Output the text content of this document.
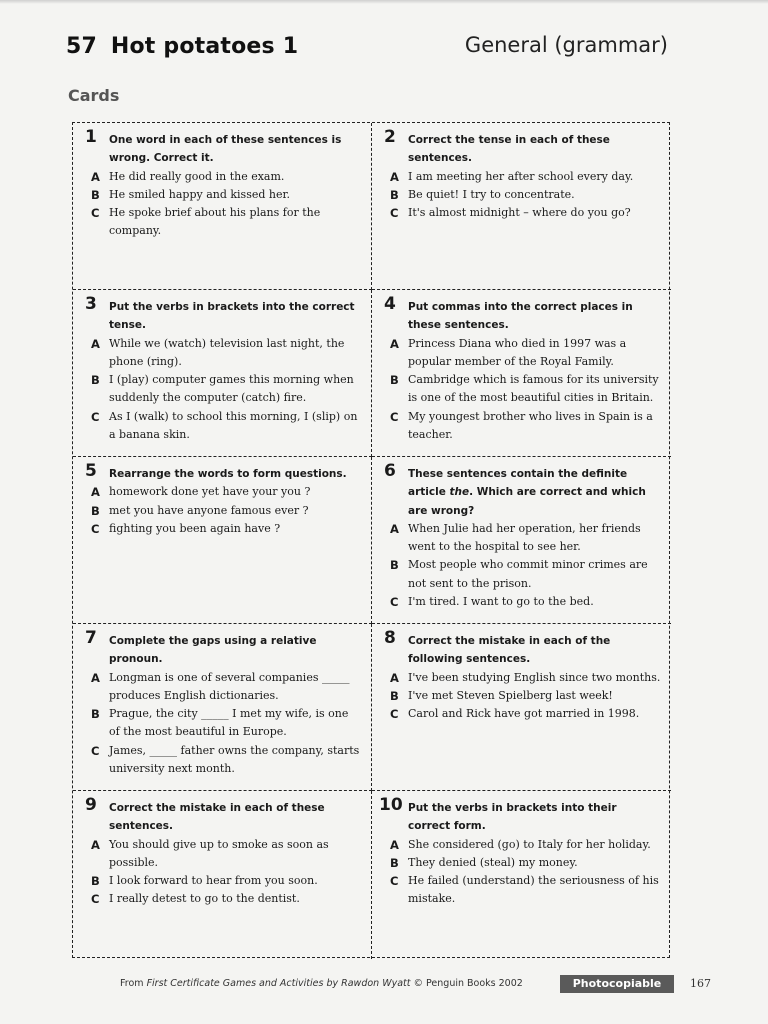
57 Hot potatoes 1	General (grammar)
Cards
1 One word in each of these sentences is wrong. Correct it.

A He did really good in the exam.

B He smiled happy and kissed her.

C He spoke brief about his plans for the company.

2 Correct the tense in each of these sentences.

A I am meeting her after school every day.

B Be quiet! I try to concentrate.

C It's almost midnight – where do you go?

3 Put the verbs in brackets into the correct tense.

A While we (watch) television last night, the phone (ring).

B I (play) computer games this morning when suddenly the computer (catch) fire.

C As I (walk) to school this morning, I (slip) on a banana skin.

4 Put commas into the correct places in these sentences.

A Princess Diana who died in 1997 was a popular member of the Royal Family.

B Cambridge which is famous for its university is one of the most beautiful cities in Britain.

C My youngest brother who lives in Spain is a teacher.

5 Rearrange the words to form questions.

A homework done yet have your you ?

B met you have anyone famous ever ?

C fighting you been again have ?

6 These sentences contain the definite article the. Which are correct and which are wrong?

A When Julie had her operation, her friends went to the hospital to see her.

B Most people who commit minor crimes are not sent to the prison.

C I'm tired. I want to go to the bed.

7 Complete the gaps using a relative pronoun.

A Longman is one of several companies _____ produces English dictionaries.

B Prague, the city _____ I met my wife, is one of the most beautiful in Europe.

C James, _____ father owns the company, starts university next month.

8 Correct the mistake in each of the following sentences.

A I've been studying English since two months.

B I've met Steven Spielberg last week!

C Carol and Rick have got married in 1998.

9 Correct the mistake in each of these sentences.

A You should give up to smoke as soon as possible.

B I look forward to hear from you soon.

C I really detest to go to the dentist.

10 Put the verbs in brackets into their correct form.

A She considered (go) to Italy for her holiday.

B They denied (steal) my money.

C He failed (understand) the seriousness of his mistake.

From First Certificate Games and Activities by Rawdon Wyatt © Penguin Books 2002	Photocopiable	167
